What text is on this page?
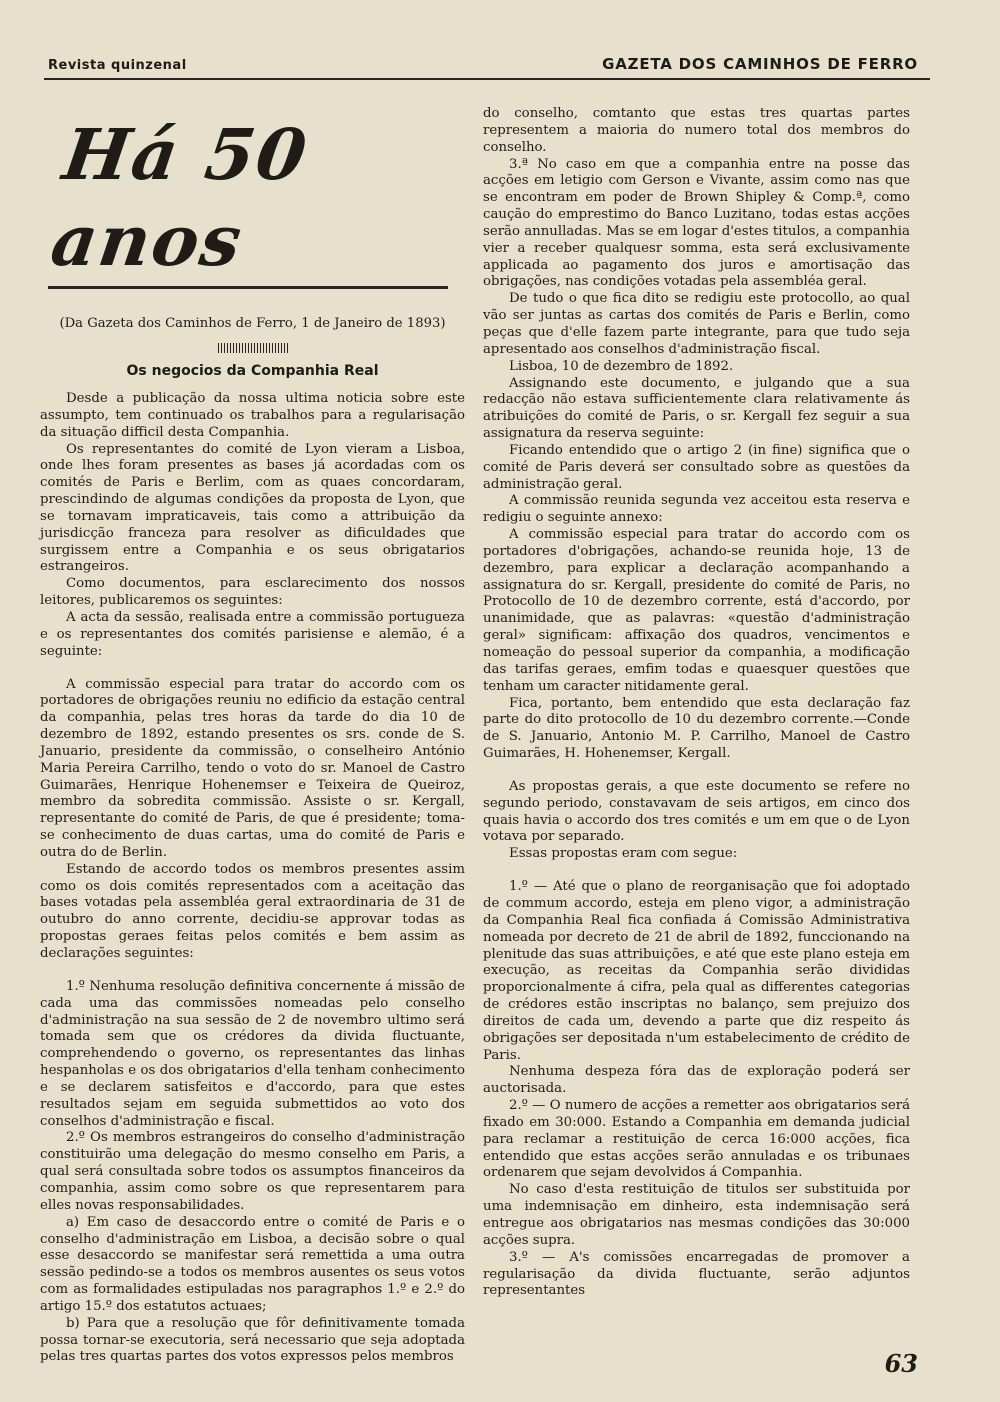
Revista quinzenal	GAZETA DOS CAMINHOS DE FERRO
Há 50 anos
(Da Gazeta dos Caminhos de Ferro, 1 de Janeiro de 1893)
Os negocios da Companhia Real

Desde a publicação da nossa ultima noticia sobre este assumpto, tem continuado os trabalhos para a regularisação da situação difficil desta Companhia.

Os representantes do comité de Lyon vieram a Lisboa, onde lhes foram presentes as bases já acordadas com os comités de Paris e Berlim, com as quaes concordaram, prescindindo de algumas condições da proposta de Lyon, que se tornavam impraticaveis, tais como a attribuição da jurisdicção franceza para resolver as dificuldades que surgissem entre a Companhia e os seus obrigatarios estrangeiros.

Como documentos, para esclarecimento dos nossos leitores, publicaremos os seguintes:

A acta da sessão, realisada entre a commissão portugueza e os representantes dos comités parisiense e alemão, é a seguinte:

A commissão especial para tratar do accordo com os portadores de obrigações reuniu no edificio da estação central da companhia, pelas tres horas da tarde do dia 10 de dezembro de 1892, estando presentes os srs. conde de S. Januario, presidente da commissão, o conselheiro António Maria Pereira Carrilho, tendo o voto do sr. Manoel de Castro Guimarães, Henrique Hohenemser e Teixeira de Queiroz, membro da sobredita commissão. Assiste o sr. Kergall, representante do comité de Paris, de que é presidente; toma-se conhecimento de duas cartas, uma do comité de Paris e outra do de Berlin.

Estando de accordo todos os membros presentes assim como os dois comités representados com a aceitação das bases votadas pela assembléa geral extraordinaria de 31 de outubro do anno corrente, decidiu-se approvar todas as propostas geraes feitas pelos comités e bem assim as declarações seguintes:

1.º Nenhuma resolução definitiva concernente á missão de cada uma das commissões nomeadas pelo conselho d'administração na sua sessão de 2 de novembro ultimo será tomada sem que os crédores da divida fluctuante, comprehendendo o governo, os representantes das linhas hespanholas e os dos obrigatarios d'ella tenham conhecimento e se declarem satisfeitos e d'accordo, para que estes resultados sejam em seguida submettidos ao voto dos conselhos d'administração e fiscal.

2.º Os membros estrangeiros do conselho d'administração constituirão uma delegação do mesmo conselho em Paris, a qual será consultada sobre todos os assumptos financeiros da companhia, assim como sobre os que representarem para elles novas responsabilidades.

a) Em caso de desaccordo entre o comité de Paris e o conselho d'administração em Lisboa, a decisão sobre o qual esse desaccordo se manifestar será remettida a uma outra sessão pedindo-se a todos os membros ausentes os seus votos com as formalidades estipuladas nos paragraphos 1.º e 2.º do artigo 15.º dos estatutos actuaes;

b) Para que a resolução que fôr definitivamente tomada possa tornar-se executoria, será necessario que seja adoptada pelas tres quartas partes dos votos expressos pelos membros

do conselho, comtanto que estas tres quartas partes representem a maioria do numero total dos membros do conselho.

3.ª No caso em que a companhia entre na posse das acções em letigio com Gerson e Vivante, assim como nas que se encontram em poder de Brown Shipley & Comp.ª, como caução do emprestimo do Banco Luzitano, todas estas acções serão annulladas. Mas se em logar d'estes titulos, a companhia vier a receber qualquesr somma, esta será exclusivamente applicada ao pagamento dos juros e amortisação das obrigações, nas condições votadas pela assembléa geral.

De tudo o que fica dito se redigiu este protocollo, ao qual vão ser juntas as cartas dos comités de Paris e Berlin, como peças que d'elle fazem parte integrante, para que tudo seja apresentado aos conselhos d'administração fiscal.

Lisboa, 10 de dezembro de 1892.

Assignando este documento, e julgando que a sua redacção não estava sufficientemente clara relativamente ás atribuições do comité de Paris, o sr. Kergall fez seguir a sua assignatura da reserva seguinte:

Ficando entendido que o artigo 2 (in fine) significa que o comité de Paris deverá ser consultado sobre as questões da administração geral.

A commissão reunida segunda vez acceitou esta reserva e redigiu o seguinte annexo:

A commissão especial para tratar do accordo com os portadores d'obrigações, achando-se reunida hoje, 13 de dezembro, para explicar a declaração acompanhando a assignatura do sr. Kergall, presidente do comité de Paris, no Protocollo de 10 de dezembro corrente, está d'accordo, por unanimidade, que as palavras: «questão d'administração geral» significam: affixação dos quadros, vencimentos e nomeação do pessoal superior da companhia, a modificação das tarifas geraes, emfim todas e quaesquer questões que tenham um caracter nitidamente geral.

Fica, portanto, bem entendido que esta declaração faz parte do dito protocollo de 10 du dezembro corrente.—Conde de S. Januario, Antonio M. P. Carrilho, Manoel de Castro Guimarães, H. Hohenemser, Kergall.

As propostas gerais, a que este documento se refere no segundo periodo, constavavam de seis artigos, em cinco dos quais havia o accordo dos tres comités e um em que o de Lyon votava por separado.

Essas propostas eram com segue:

1.º — Até que o plano de reorganisação que foi adoptado de commum accordo, esteja em pleno vigor, a administração da Companhia Real fica confiada á Comissão Administrativa nomeada por decreto de 21 de abril de 1892, funccionando na plenitude das suas attribuições, e até que este plano esteja em execução, as receitas da Companhia serão divididas proporcionalmente á cifra, pela qual as differentes categorias de crédores estão inscriptas no balanço, sem prejuizo dos direitos de cada um, devendo a parte que diz respeito ás obrigações ser depositada n'um estabelecimento de crédito de Paris.

Nenhuma despeza fóra das de exploração poderá ser auctorisada.

2.º — O numero de acções a remetter aos obrigatarios será fixado em 30:000. Estando a Companhia em demanda judicial para reclamar a restituição de cerca 16:000 acções, fica entendido que estas acções serão annuladas e os tribunaes ordenarem que sejam devolvidos á Companhia.

No caso d'esta restituição de titulos ser substituida por uma indemnisação em dinheiro, esta indemnisação será entregue aos obrigatarios nas mesmas condições das 30:000 acções supra.

3.º — A's comissões encarregadas de promover a regularisação da divida fluctuante, serão adjuntos representantes

63
